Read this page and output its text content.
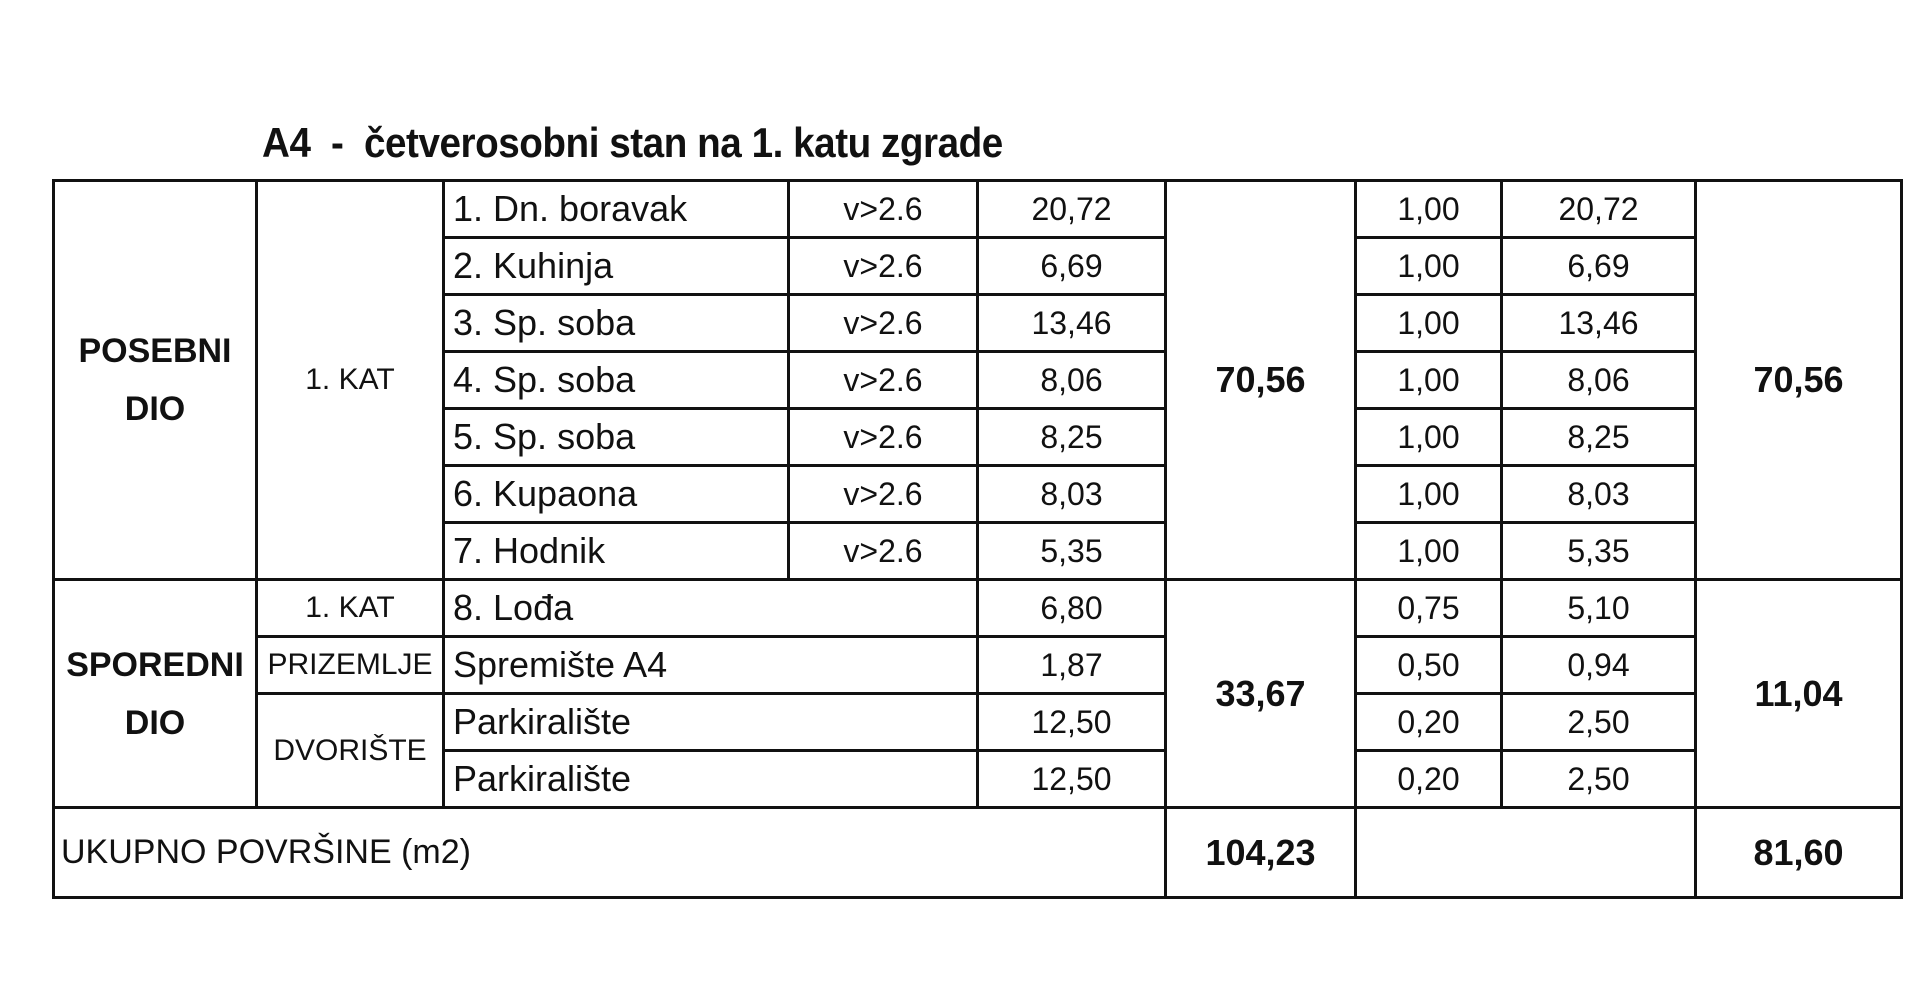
A4  -  četverosobni stan na 1. katu zgrade
POSEBNI DIO	1. KAT	1. Dn. boravak	v>2.6	20,72	70,56	1,00	20,72	70,56
		2. Kuhinja	v>2.6	6,69		1,00	6,69	
		3. Sp. soba	v>2.6	13,46		1,00	13,46	
		4. Sp. soba	v>2.6	8,06		1,00	8,06	
		5. Sp. soba	v>2.6	8,25		1,00	8,25	
		6. Kupaona	v>2.6	8,03		1,00	8,03	
		7. Hodnik	v>2.6	5,35		1,00	5,35	
SPOREDNI DIO	1. KAT	8. Lođa		6,80	33,67	0,75	5,10	11,04
	PRIZEMLJE	Spremište A4		1,87		0,50	0,94	
	DVORIŠTE	Parkiralište		12,50		0,20	2,50	
		Parkiralište		12,50		0,20	2,50	
UKUPNO POVRŠINE (m2)					104,23			81,60
